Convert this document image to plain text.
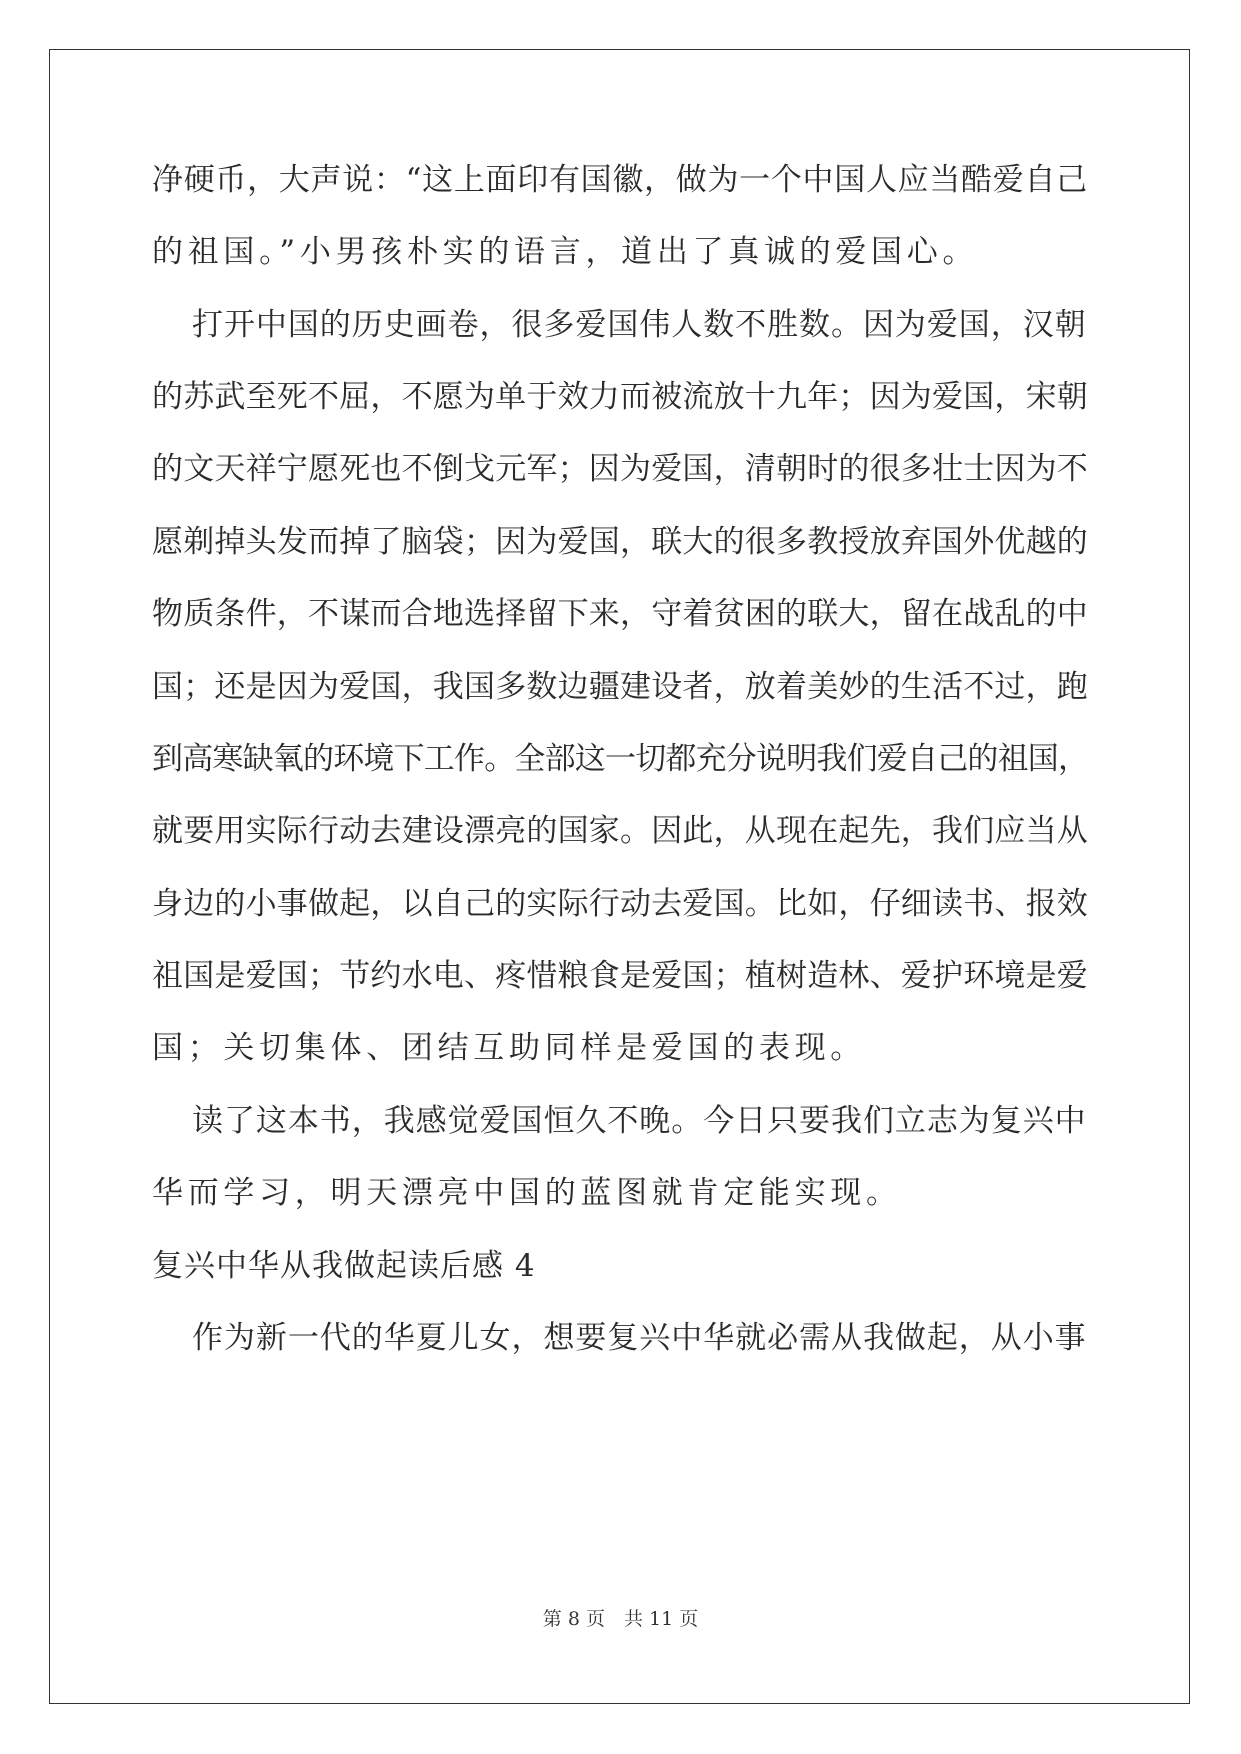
净硬币，大声说：“这上面印有国徽，做为一个中国人应当酷爱自己
的祖国。”小男孩朴实的语言，道出了真诚的爱国心。
打开中国的历史画卷，很多爱国伟人数不胜数。因为爱国，汉朝
的苏武至死不屈，不愿为单于效力而被流放十九年；因为爱国，宋朝
的文天祥宁愿死也不倒戈元军；因为爱国，清朝时的很多壮士因为不
愿剃掉头发而掉了脑袋；因为爱国，联大的很多教授放弃国外优越的
物质条件，不谋而合地选择留下来，守着贫困的联大，留在战乱的中
国；还是因为爱国，我国多数边疆建设者，放着美妙的生活不过，跑
到高寒缺氧的环境下工作。全部这一切都充分说明我们爱自己的祖国，
就要用实际行动去建设漂亮的国家。因此，从现在起先，我们应当从
身边的小事做起，以自己的实际行动去爱国。比如，仔细读书、报效
祖国是爱国；节约水电、疼惜粮食是爱国；植树造林、爱护环境是爱
国；关切集体、团结互助同样是爱国的表现。
读了这本书，我感觉爱国恒久不晚。今日只要我们立志为复兴中
华而学习，明天漂亮中国的蓝图就肯定能实现。
复兴中华从我做起读后感 4
作为新一代的华夏儿女，想要复兴中华就必需从我做起，从小事
第 8 页　共 11 页
